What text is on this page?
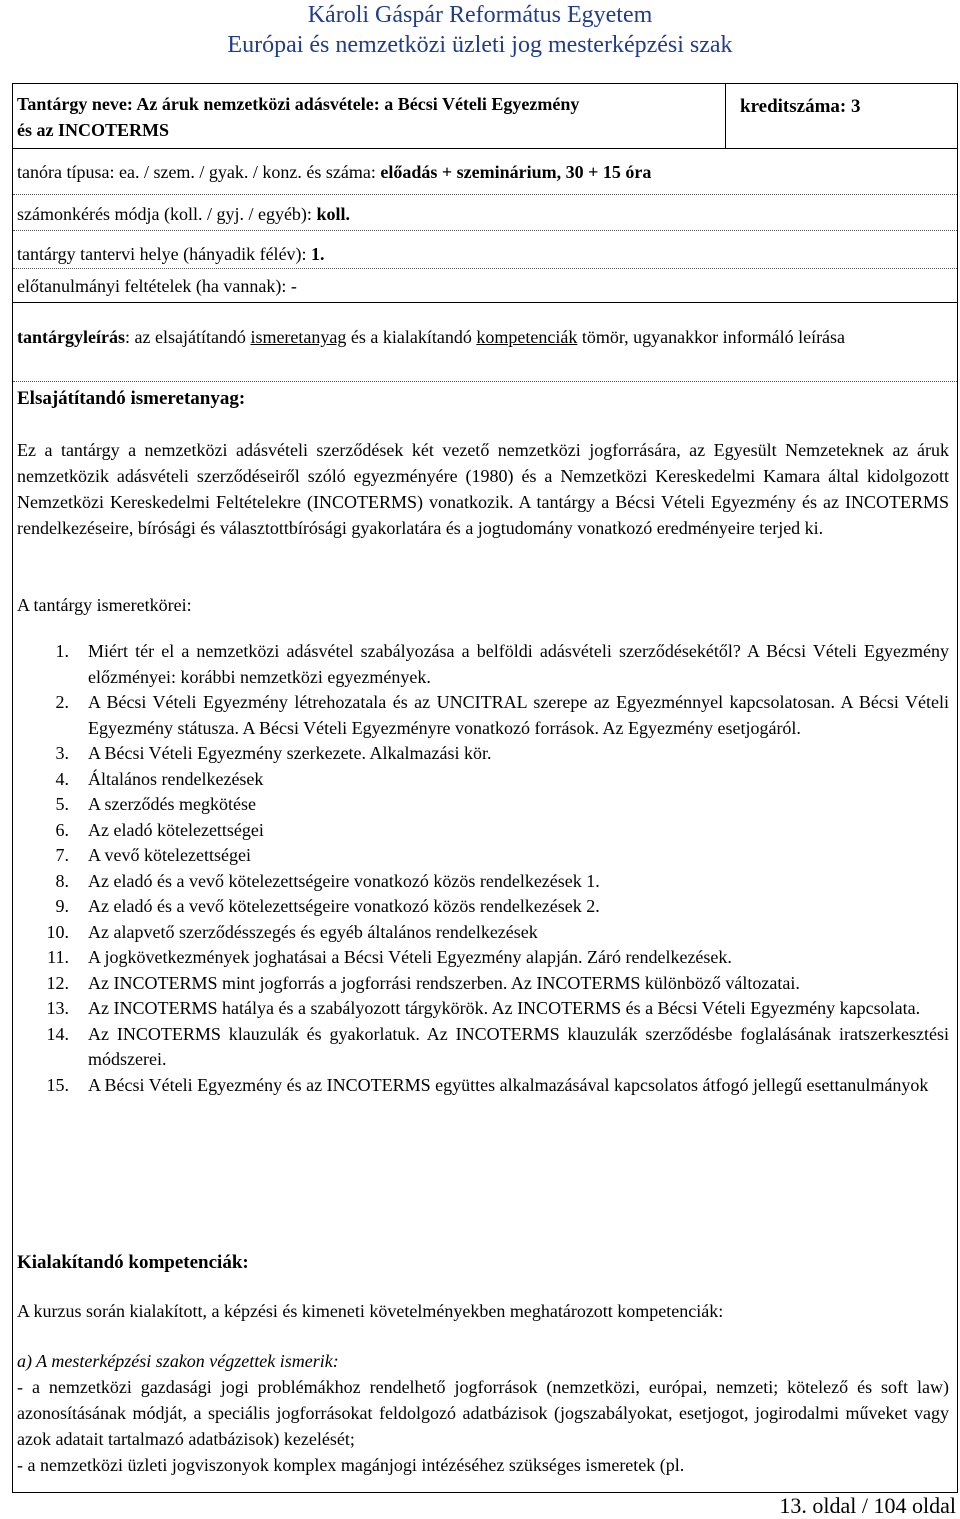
Károli Gáspár Református Egyetem
Európai és nemzetközi üzleti jog mesterképzési szak
Tantárgy neve: Az áruk nemzetközi adásvétele: a Bécsi Vételi Egyezmény
és az INCOTERMS
kreditszáma: 3
tanóra típusa: ea. / szem. / gyak. / konz. és száma: előadás + szeminárium, 30 + 15 óra
számonkérés módja (koll. / gyj. / egyéb): koll.
tantárgy tantervi helye (hányadik félév): 1.
előtanulmányi feltételek (ha vannak): -
tantárgyleírás: az elsajátítandó ismeretanyag és a kialakítandó kompetenciák tömör, ugyanakkor informáló leírása
Elsajátítandó ismeretanyag:
Ez a tantárgy a nemzetközi adásvételi szerződések két vezető nemzetközi jogforrására, az Egyesült Nemzeteknek az áruk nemzetközik adásvételi szerződéseiről szóló egyezményére (1980) és a Nemzetközi Kereskedelmi Kamara által kidolgozott Nemzetközi Kereskedelmi Feltételekre (INCOTERMS) vonatkozik. A tantárgy a Bécsi Vételi Egyezmény és az INCOTERMS rendelkezéseire, bírósági és választottbírósági gyakorlatára és a jogtudomány vonatkozó eredményeire terjed ki.
A tantárgy ismeretkörei:
1. Miért tér el a nemzetközi adásvétel szabályozása a belföldi adásvételi szerződésekétől? A Bécsi Vételi Egyezmény előzményei: korábbi nemzetközi egyezmények.
2. A Bécsi Vételi Egyezmény létrehozatala és az UNCITRAL szerepe az Egyezménnyel kapcsolatosan. A Bécsi Vételi Egyezmény státusza. A Bécsi Vételi Egyezményre vonatkozó források. Az Egyezmény esetjogáról.
3. A Bécsi Vételi Egyezmény szerkezete. Alkalmazási kör.
4. Általános rendelkezések
5. A szerződés megkötése
6. Az eladó kötelezettségei
7. A vevő kötelezettségei
8. Az eladó és a vevő kötelezettségeire vonatkozó közös rendelkezések 1.
9. Az eladó és a vevő kötelezettségeire vonatkozó közös rendelkezések 2.
10. Az alapvető szerződésszegés és egyéb általános rendelkezések
11. A jogkövetkezmények joghatásai a Bécsi Vételi Egyezmény alapján. Záró rendelkezések.
12. Az INCOTERMS mint jogforrás a jogforrási rendszerben. Az INCOTERMS különböző változatai.
13. Az INCOTERMS hatálya és a szabályozott tárgykörök. Az INCOTERMS és a Bécsi Vételi Egyezmény kapcsolata.
14. Az INCOTERMS klauzulák és gyakorlatuk. Az INCOTERMS klauzulák szerződésbe foglalásának iratszerkesztési módszerei.
15. A Bécsi Vételi Egyezmény és az INCOTERMS együttes alkalmazásával kapcsolatos átfogó jellegű esettanulmányok
Kialakítandó kompetenciák:
A kurzus során kialakított, a képzési és kimeneti követelményekben meghatározott kompetenciák:
a) A mesterképzési szakon végzettek ismerik:
- a nemzetközi gazdasági jogi problémákhoz rendelhető jogforrások (nemzetközi, európai, nemzeti; kötelező és soft law) azonosításának módját, a speciális jogforrásokat feldolgozó adatbázisok (jogszabályokat, esetjogot, jogirodalmi műveket vagy azok adatait tartalmazó adatbázisok) kezelését;
- a nemzetközi üzleti jogviszonyok komplex magánjogi intézéséhez szükséges ismeretek (pl.
13. oldal / 104 oldal
